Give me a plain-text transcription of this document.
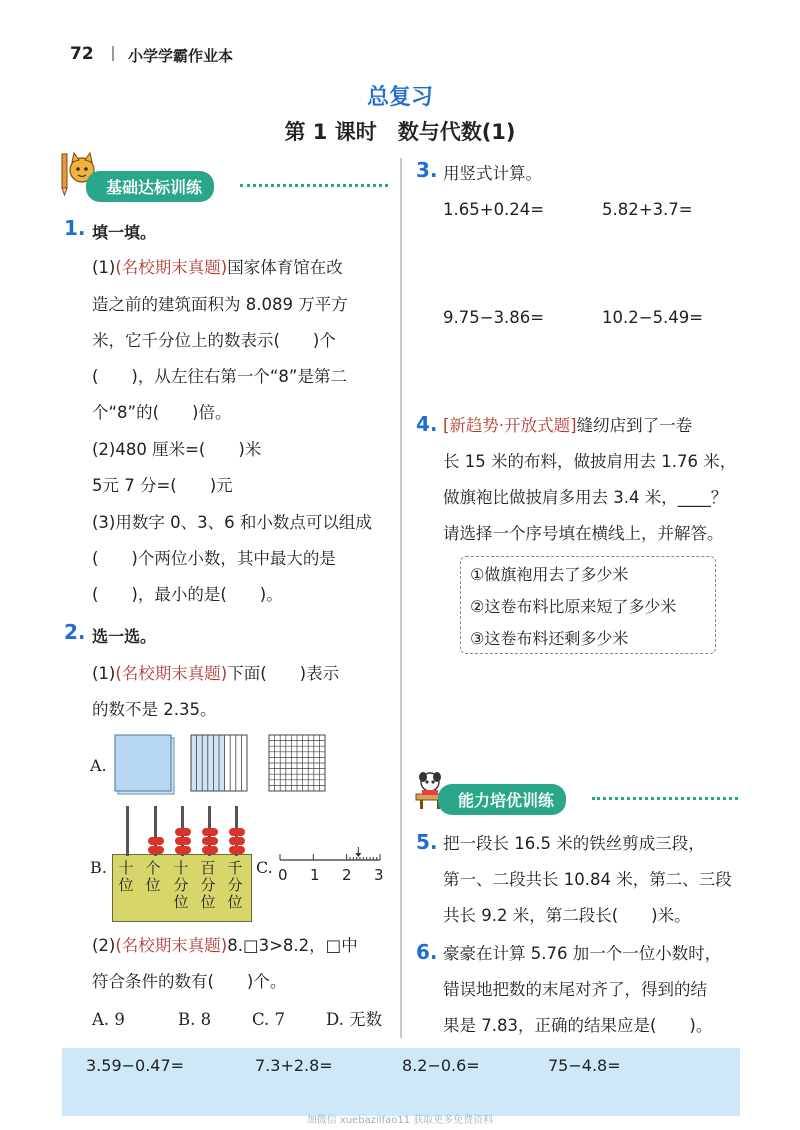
72 小学学霸作业本
总复习
第 1 课时　数与代数(1)
基础达标训练
1. 填一填。
(1)(名校期末真题)国家体育馆在改
造之前的建筑面积为 8.089 万平方
米，它千分位上的数表示(　　)个
(　　)，从左往右第一个“8”是第二
个“8”的(　　)倍。
(2)480 厘米=(　　)米
5元 7 分=(　　)元
(3)用数字 0、3、6 和小数点可以组成
(　　)个两位小数，其中最大的是
(　　)，最小的是(　　)。
2. 选一选。
(1)(名校期末真题)下面(　　)表示
的数不是 2.35。
A.
B. 十位
个位
十分位
百分位
千分位
C. 0 1 2 3
(2)(名校期末真题)8.□3>8.2，□中
符合条件的数有(　　)个。
A. 9	B. 8 C. 7 D. 无数
3. 用竖式计算。
1.65+0.24=	5.82+3.7=
9.75−3.86=	10.2−5.49=
4. [新趋势·开放式题]缝纫店到了一卷
长 15 米的布料，做披肩用去 1.76 米，
做旗袍比做披肩多用去 3.4 米，____？
请选择一个序号填在横线上，并解答。
①做旗袍用去了多少米
②这卷布料比原来短了多少米
③这卷布料还剩多少米
能力培优训练
5. 把一段长 16.5 米的铁丝剪成三段，
第一、二段共长 10.84 米，第二、三段
共长 9.2 米，第二段长(　　)米。
6. 豪豪在计算 5.76 加一个一位小数时，
错误地把数的末尾对齐了，得到的结
果是 7.83，正确的结果应是(　　)。
3.59−0.47=	7.3+2.8=	8.2−0.6=	75−4.8=
加微信 xuebazilfao11 获取更多免费资料
